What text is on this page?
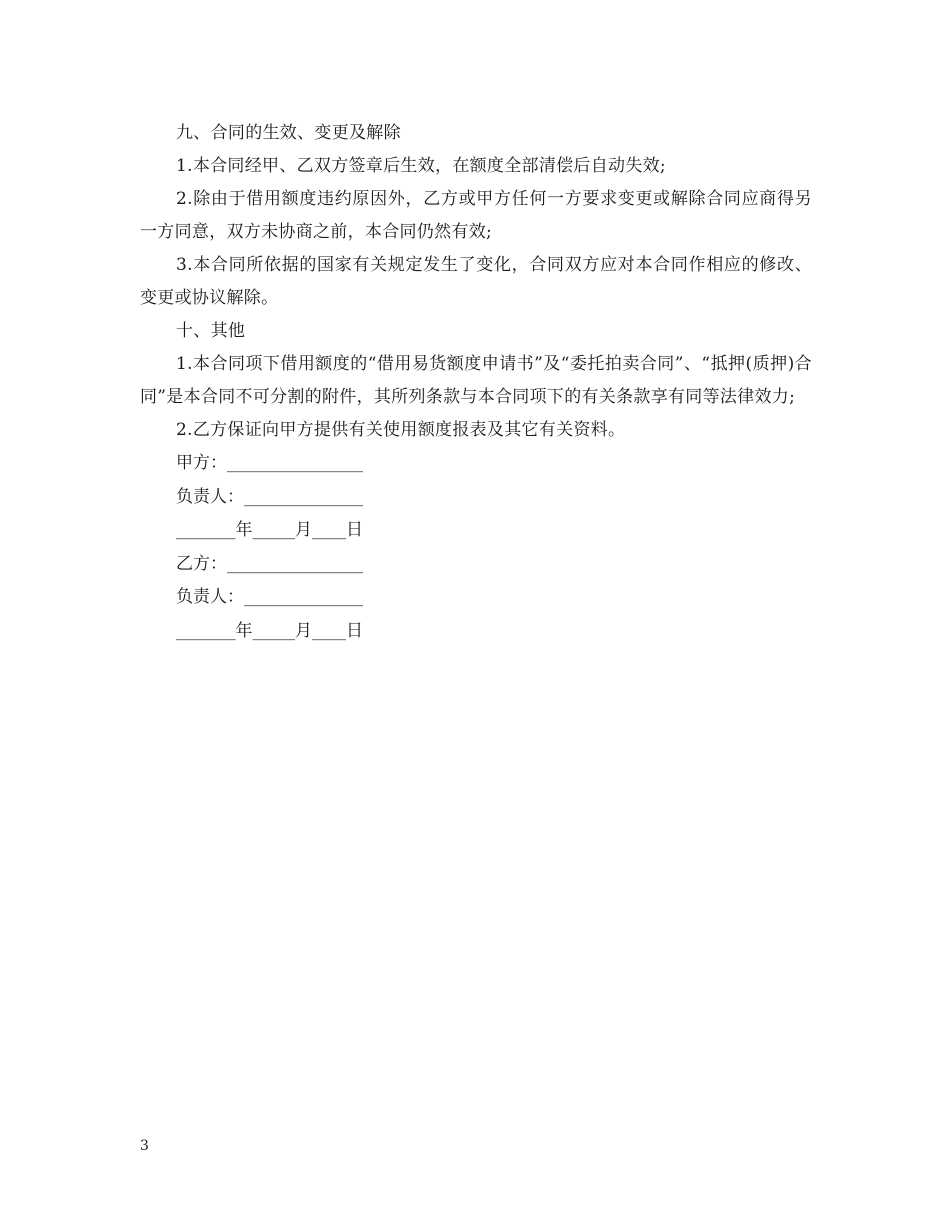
九、合同的生效、变更及解除

1.本合同经甲、乙双方签章后生效，在额度全部清偿后自动失效;

2.除由于借用额度违约原因外，乙方或甲方任何一方要求变更或解除合同应商得另一方同意，双方未协商之前，本合同仍然有效;

3.本合同所依据的国家有关规定发生了变化，合同双方应对本合同作相应的修改、变更或协议解除。

十、其他

1.本合同项下借用额度的“借用易货额度申请书”及“委托拍卖合同”、“抵押(质押)合同”是本合同不可分割的附件，其所列条款与本合同项下的有关条款享有同等法律效力;

2.乙方保证向甲方提供有关使用额度报表及其它有关资料。

甲方：________________

负责人：______________

_______年_____月____日

乙方：________________

负责人：______________

_______年_____月____日

3
